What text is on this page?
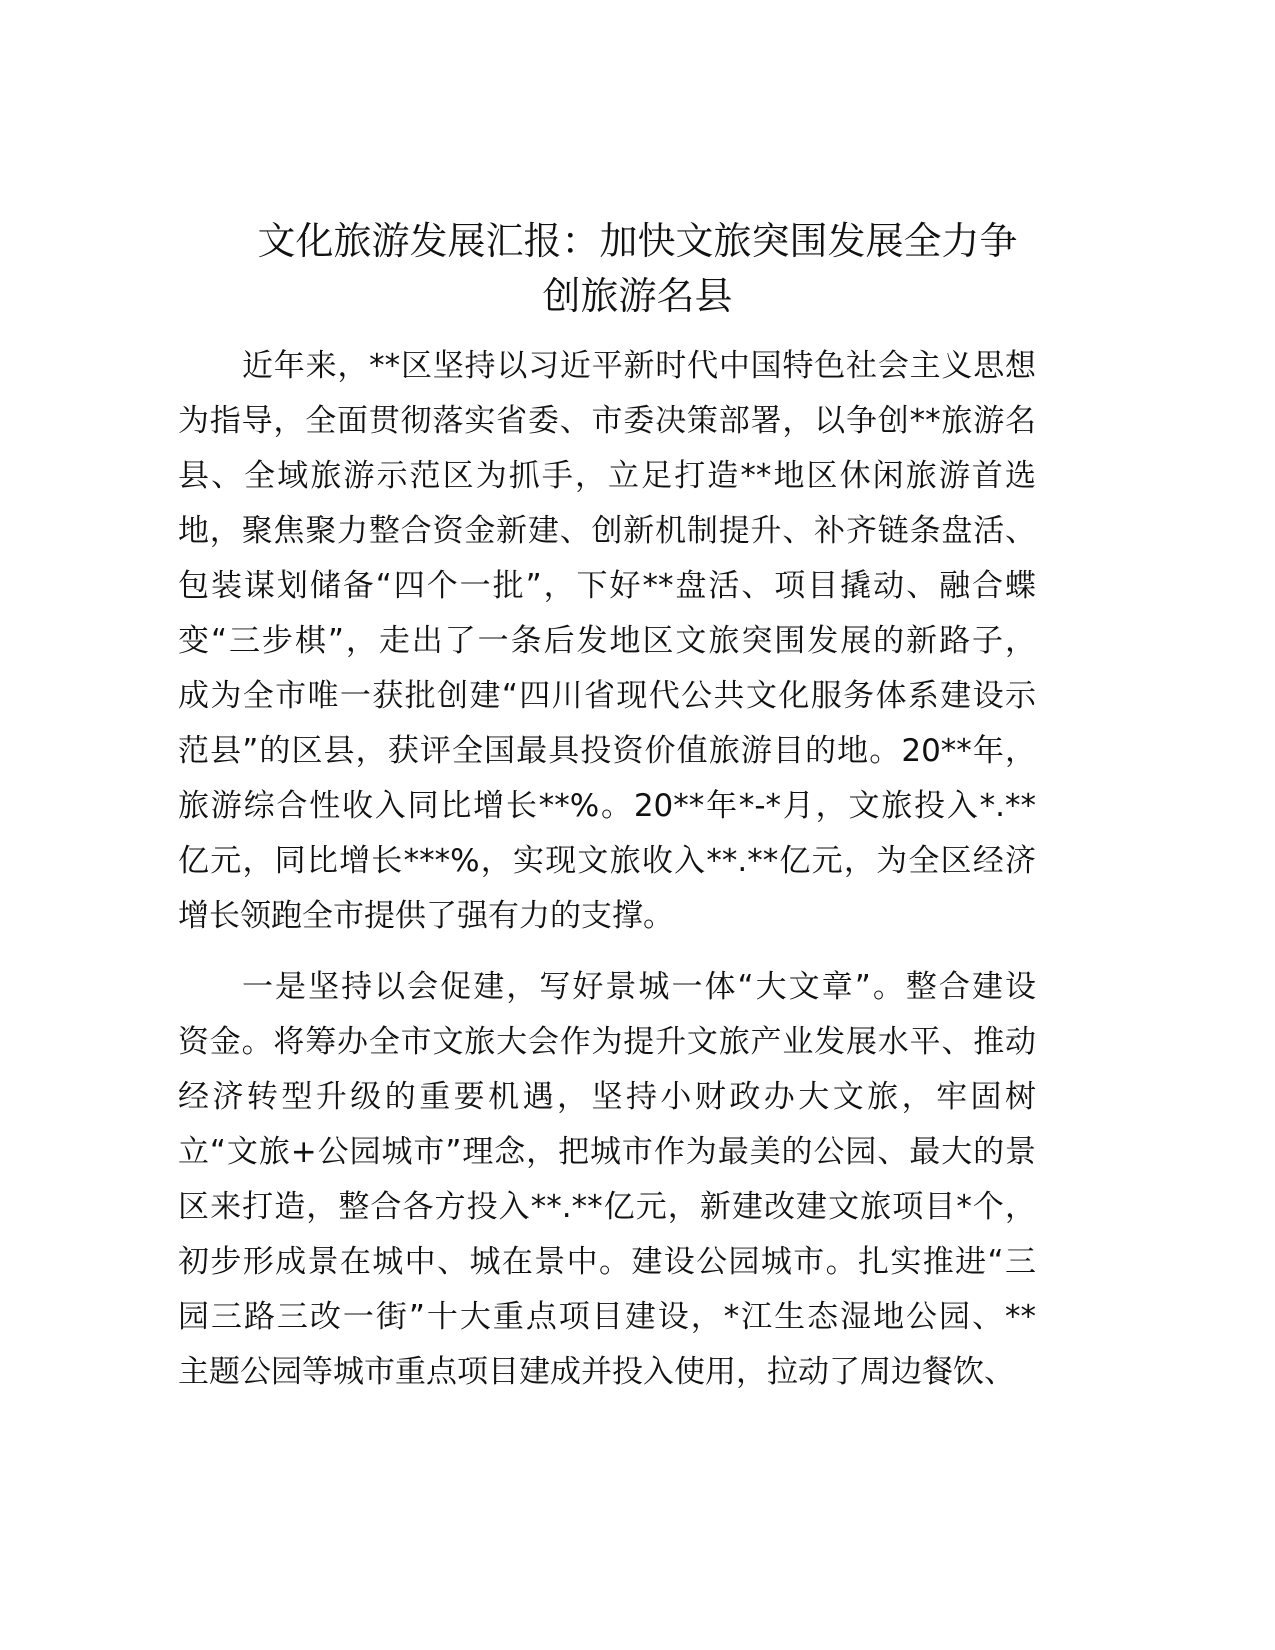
文化旅游发展汇报：加快文旅突围发展全力争
创旅游名县
近年来，**区坚持以习近平新时代中国特色社会主义思想
为指导，全面贯彻落实省委、市委决策部署，以争创**旅游名
县、全域旅游示范区为抓手，立足打造**地区休闲旅游首选
地，聚焦聚力整合资金新建、创新机制提升、补齐链条盘活、
包装谋划储备“四个一批”，下好**盘活、项目撬动、融合蝶
变“三步棋”，走出了一条后发地区文旅突围发展的新路子，
成为全市唯一获批创建“四川省现代公共文化服务体系建设示
范县”的区县，获评全国最具投资价值旅游目的地。20**年，
旅游综合性收入同比增长**%。20**年*-*月，文旅投入*.**
亿元，同比增长***%，实现文旅收入**.**亿元，为全区经济
增长领跑全市提供了强有力的支撑。
一是坚持以会促建，写好景城一体“大文章”。整合建设
资金。将筹办全市文旅大会作为提升文旅产业发展水平、推动
经济转型升级的重要机遇，坚持小财政办大文旅，牢固树
立“文旅+公园城市”理念，把城市作为最美的公园、最大的景
区来打造，整合各方投入**.**亿元，新建改建文旅项目*个，
初步形成景在城中、城在景中。建设公园城市。扎实推进“三
园三路三改一街”十大重点项目建设，*江生态湿地公园、**
主题公园等城市重点项目建成并投入使用，拉动了周边餐饮、
